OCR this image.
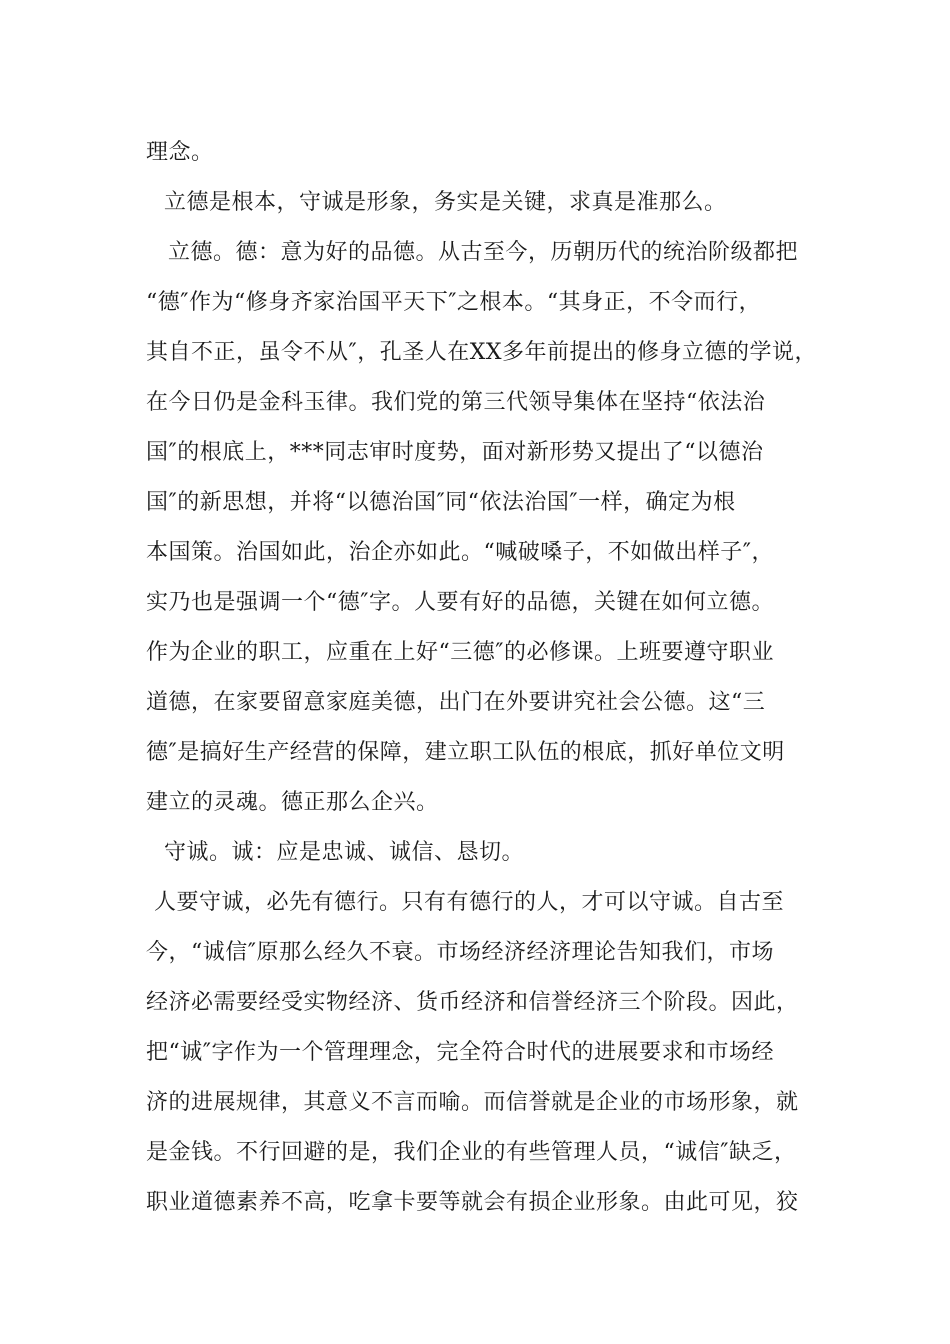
理念。
立德是根本，守诚是形象，务实是关键，求真是准那么。
立德。德：意为好的品德。从古至今，历朝历代的统治阶级都把
“德″作为“修身齐家治国平天下″之根本。“其身正，不令而行，
其自不正，虽令不从″，孔圣人在XX多年前提出的修身立德的学说，
在今日仍是金科玉律。我们党的第三代领导集体在坚持“依法治
国″的根底上，***同志审时度势，面对新形势又提出了“以德治
国″的新思想，并将“以德治国″同“依法治国″一样，确定为根
本国策。治国如此，治企亦如此。“喊破嗓子，不如做出样子″，
实乃也是强调一个“德″字。人要有好的品德，关键在如何立德。
作为企业的职工，应重在上好“三德″的必修课。上班要遵守职业
道德，在家要留意家庭美德，出门在外要讲究社会公德。这“三
德″是搞好生产经营的保障，建立职工队伍的根底，抓好单位文明
建立的灵魂。德正那么企兴。
守诚。诚：应是忠诚、诚信、恳切。
人要守诚，必先有德行。只有有德行的人，才可以守诚。自古至
今，“诚信″原那么经久不衰。市场经济经济理论告知我们，市场
经济必需要经受实物经济、货币经济和信誉经济三个阶段。因此，
把“诚″字作为一个管理理念，完全符合时代的进展要求和市场经
济的进展规律，其意义不言而喻。而信誉就是企业的市场形象，就
是金钱。不行回避的是，我们企业的有些管理人员，“诚信″缺乏，
职业道德素养不高，吃拿卡要等就会有损企业形象。由此可见，狡
